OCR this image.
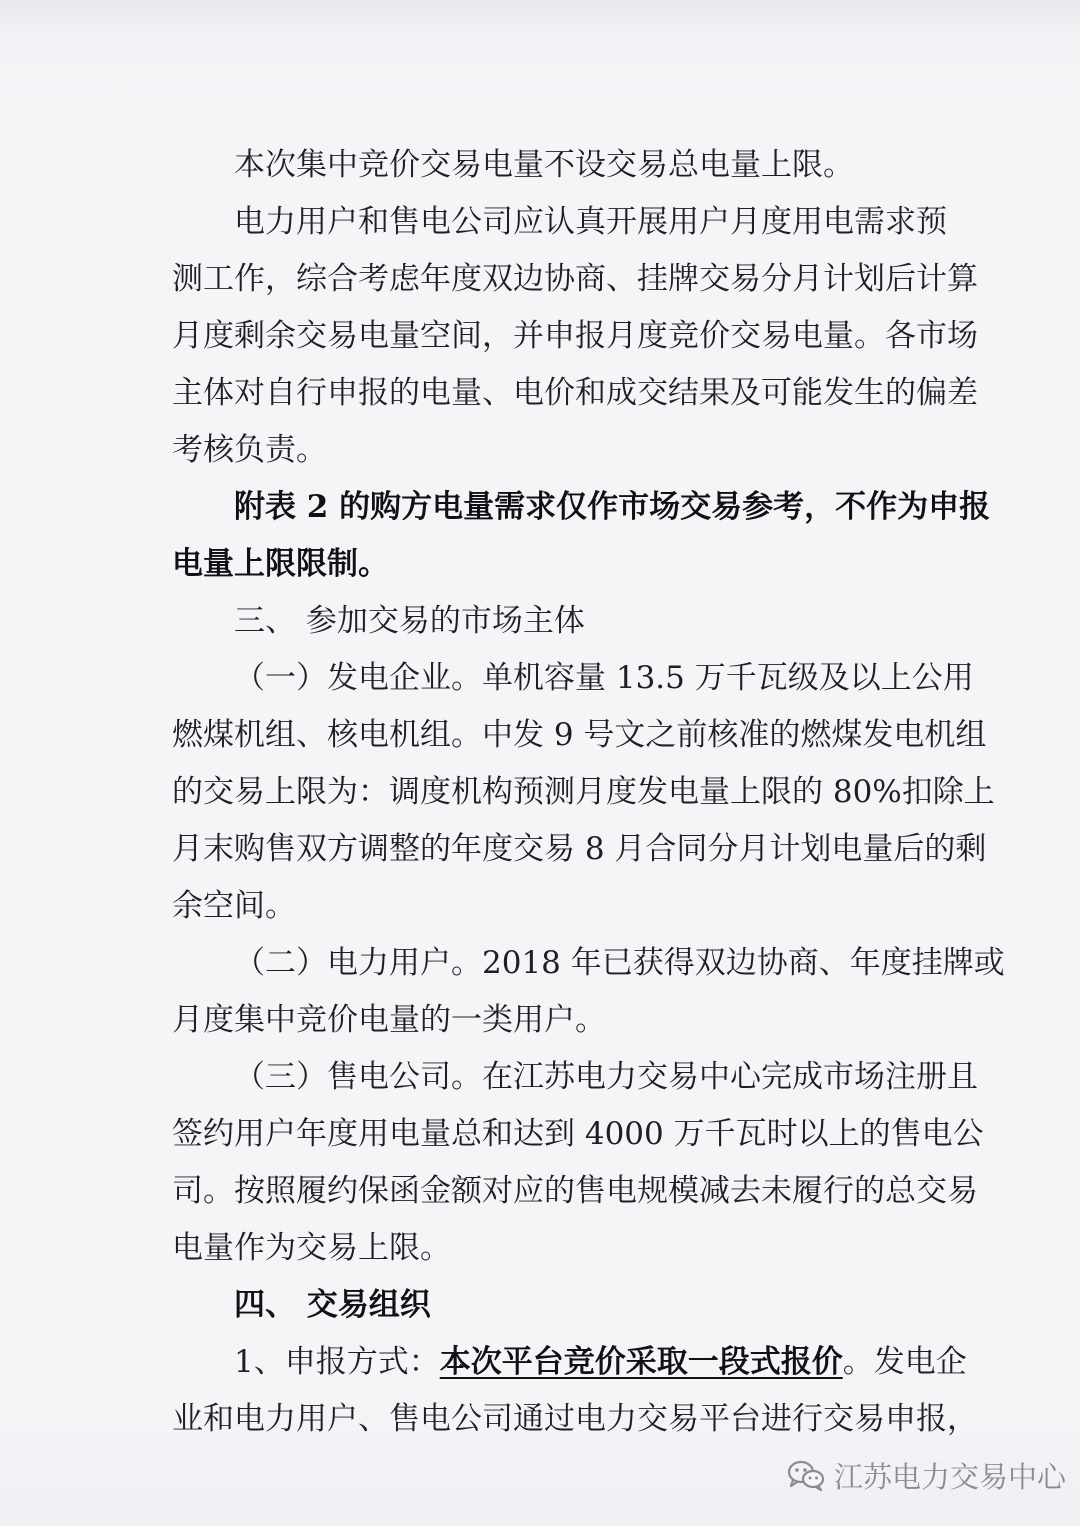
本次集中竞价交易电量不设交易总电量上限。
电力用户和售电公司应认真开展用户月度用电需求预
测工作，综合考虑年度双边协商、挂牌交易分月计划后计算
月度剩余交易电量空间，并申报月度竞价交易电量。各市场
主体对自行申报的电量、电价和成交结果及可能发生的偏差
考核负责。
附表 2 的购方电量需求仅作市场交易参考，不作为申报
电量上限限制。
三、 参加交易的市场主体
（一）发电企业。单机容量 13.5 万千瓦级及以上公用
燃煤机组、核电机组。中发 9 号文之前核准的燃煤发电机组
的交易上限为：调度机构预测月度发电量上限的 80%扣除上
月末购售双方调整的年度交易 8 月合同分月计划电量后的剩
余空间。
（二）电力用户。2018 年已获得双边协商、年度挂牌或
月度集中竞价电量的一类用户。
（三）售电公司。在江苏电力交易中心完成市场注册且
签约用户年度用电量总和达到 4000 万千瓦时以上的售电公
司。按照履约保函金额对应的售电规模减去未履行的总交易
电量作为交易上限。
四、 交易组织
1、申报方式：本次平台竞价采取一段式报价。发电企
业和电力用户、售电公司通过电力交易平台进行交易申报，
江苏电力交易中心
